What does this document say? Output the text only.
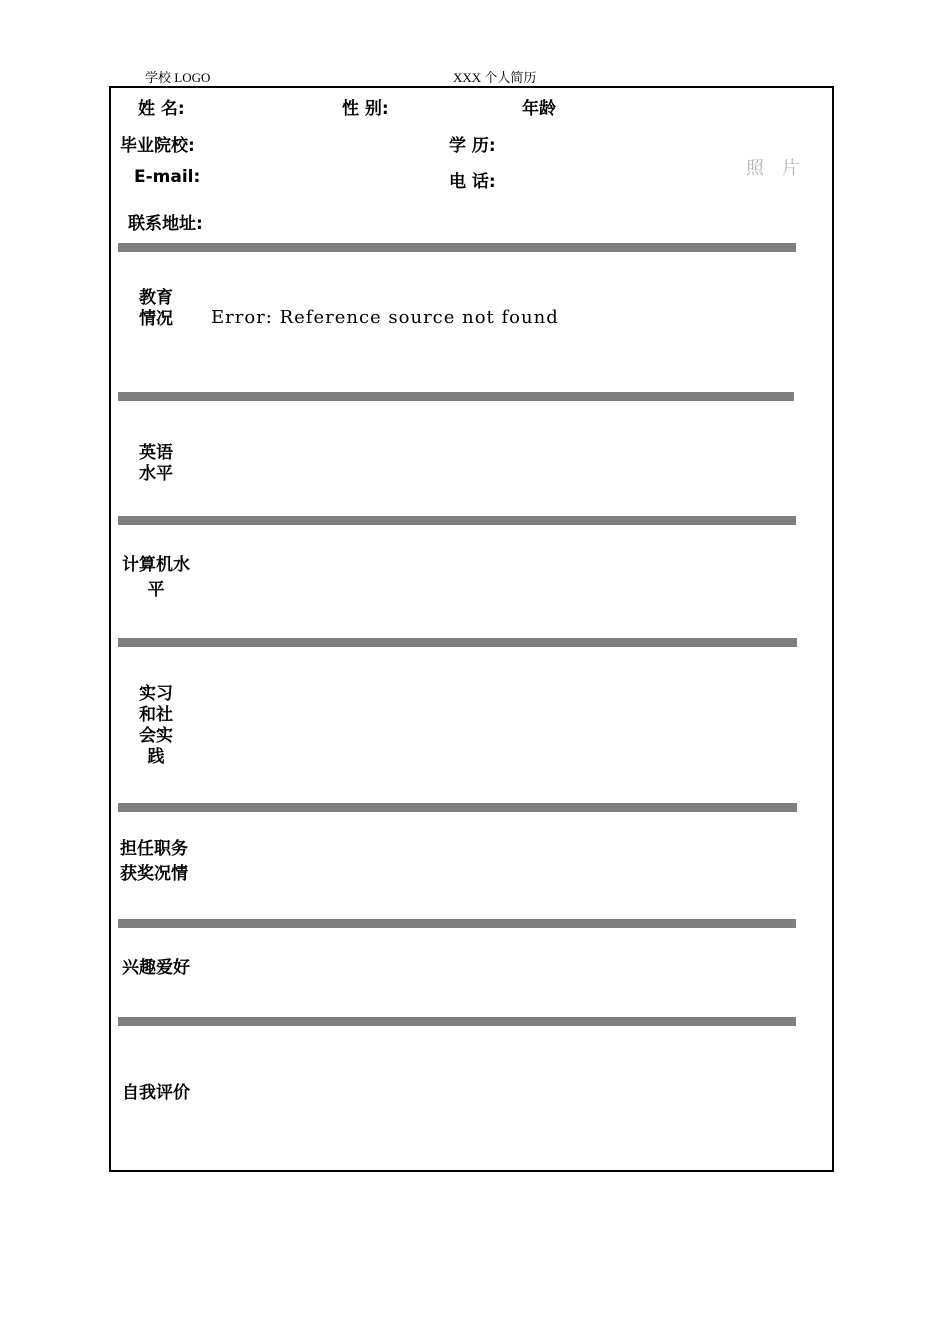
学校 LOGO	XXX 个人简历
姓 名:	性 别:	年龄
毕业院校:	学 历:
照 片
E-mail:	电 话:
联系地址:
教育情况 Error: Reference source not found
英语水平
计算机水平
实习和社会实践
担任职务获奖况情
兴趣爱好
自我评价
